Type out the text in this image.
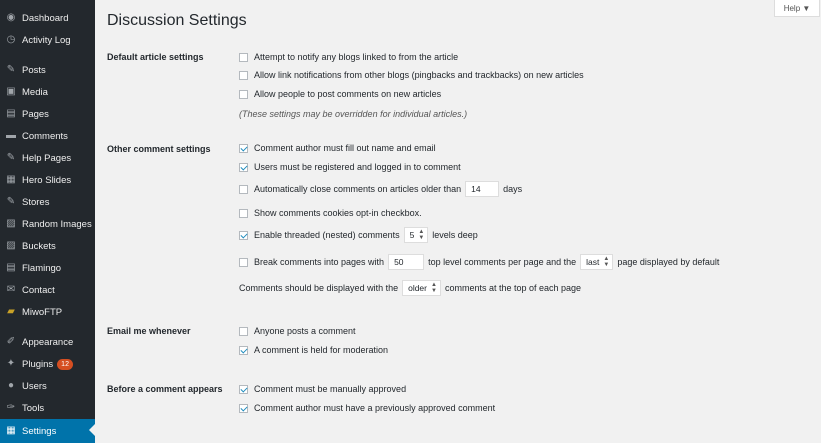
◉ Dashboard
◷ Activity Log
✎ Posts
▣ Media
▤ Pages
▬ Comments
✎ Help Pages
▦ Hero Slides
✎ Stores
▨ Random Images
▨ Buckets
▤ Flamingo
✉ Contact
▰ MiwoFTP
✐ Appearance
✦ Plugins	12
● Users
✑ Tools
▦ Settings
Discussion Settings
Help ▼
Default article settings	Attempt to notify any blogs linked to from the article
Allow link notifications from other blogs (pingbacks and trackbacks) on new articles
Allow people to post comments on new articles
(These settings may be overridden for individual articles.)
Other comment settings	Comment author must fill out name and email
Users must be registered and logged in to comment
Automatically close comments on articles older than	14	days
Show comments cookies opt-in checkbox.
Enable threaded (nested) comments 5 ▲
▼ levels deep
Break comments into pages with	50	top level comments per page and the last ▲
▼ page displayed by default
Comments should be displayed with the older ▲
▼ comments at the top of each page
Email me whenever	Anyone posts a comment
A comment is held for moderation
Before a comment appears	Comment must be manually approved
Comment author must have a previously approved comment
